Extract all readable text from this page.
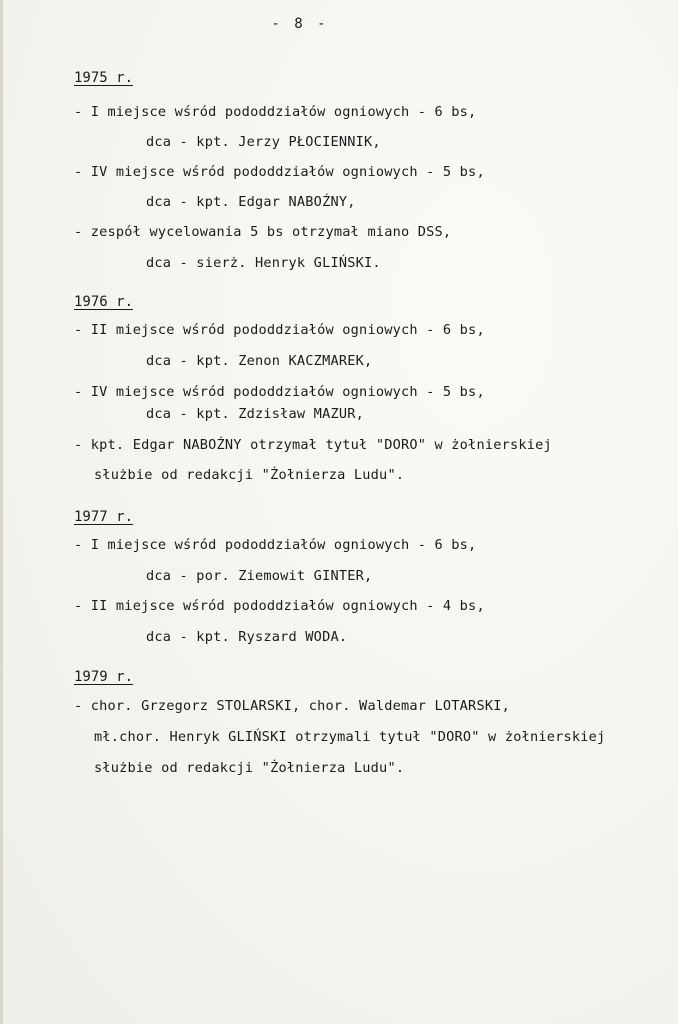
- 8 -
1975 r.
- I miejsce wśród pododdziałów ogniowych - 6 bs,
dca - kpt. Jerzy PŁOCIENNIK,
- IV miejsce wśród pododdziałów ogniowych - 5 bs,
dca - kpt. Edgar NABOŹNY,
- zespół wycelowania 5 bs otrzymał miano DSS,
dca - sierż. Henryk GLIŃSKI.
1976 r.
- II miejsce wśród pododdziałów ogniowych - 6 bs,
dca - kpt. Zenon KACZMAREK,
- IV miejsce wśród pododdziałów ogniowych - 5 bs,
dca - kpt. Zdzisław MAZUR,
- kpt. Edgar NABOŹNY otrzymał tytuł "DORO" w żołnierskiej
służbie od redakcji "Żołnierza Ludu".
1977 r.
- I miejsce wśród pododdziałów ogniowych - 6 bs,
dca - por. Ziemowit GINTER,
- II miejsce wśród pododdziałów ogniowych - 4 bs,
dca - kpt. Ryszard WODA.
1979 r.
- chor. Grzegorz STOLARSKI, chor. Waldemar LOTARSKI,
mł.chor. Henryk GLIŃSKI otrzymali tytuł "DORO" w żołnierskiej
służbie od redakcji "Żołnierza Ludu".
